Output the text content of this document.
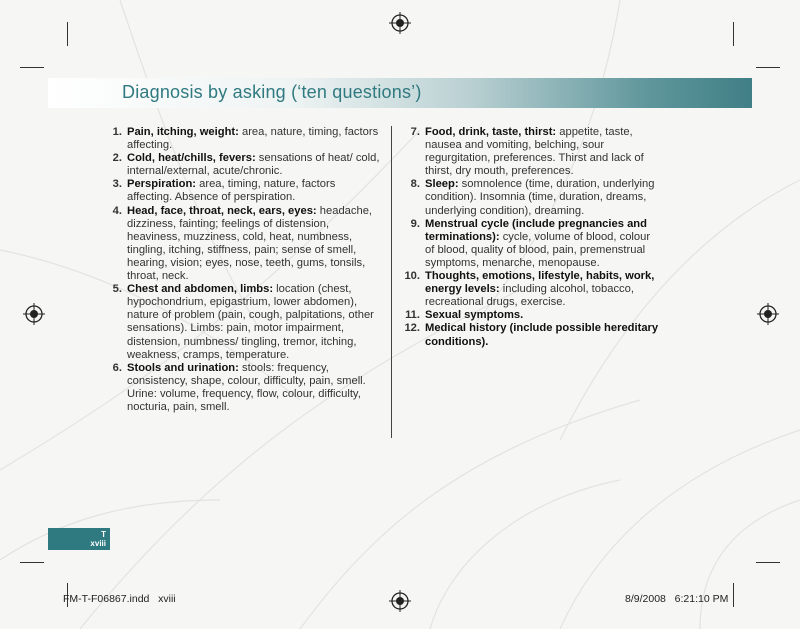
Diagnosis by asking (‘ten questions’)
1. Pain, itching, weight: area, nature, timing, factors affecting.
2. Cold, heat/chills, fevers: sensations of heat/ cold, internal/external, acute/chronic.
3. Perspiration: area, timing, nature, factors affecting. Absence of perspiration.
4. Head, face, throat, neck, ears, eyes: headache, dizziness, fainting; feelings of distension, heaviness, muzziness, cold, heat, numbness, tingling, itching, stiffness, pain; sense of smell, hearing, vision; eyes, nose, teeth, gums, tonsils, throat, neck.
5. Chest and abdomen, limbs: location (chest, hypochondrium, epigastrium, lower abdomen), nature of problem (pain, cough, palpitations, other sensations). Limbs: pain, motor impairment, distension, numbness/ tingling, tremor, itching, weakness, cramps, temperature.
6. Stools and urination: stools: frequency, consistency, shape, colour, difficulty, pain, smell. Urine: volume, frequency, flow, colour, difficulty, nocturia, pain, smell.
7. Food, drink, taste, thirst: appetite, taste, nausea and vomiting, belching, sour regurgitation, preferences. Thirst and lack of thirst, dry mouth, preferences.
8. Sleep: somnolence (time, duration, underlying condition). Insomnia (time, duration, dreams, underlying condition), dreaming.
9. Menstrual cycle (include pregnancies and terminations): cycle, volume of blood, colour of blood, quality of blood, pain, premenstrual symptoms, menarche, menopause.
10. Thoughts, emotions, lifestyle, habits, work, energy levels: including alcohol, tobacco, recreational drugs, exercise.
11. Sexual symptoms.
12. Medical history (include possible hereditary conditions).
T
xviii
FM-T-F06867.indd xviii	8/9/2008 6:21:10 PM
